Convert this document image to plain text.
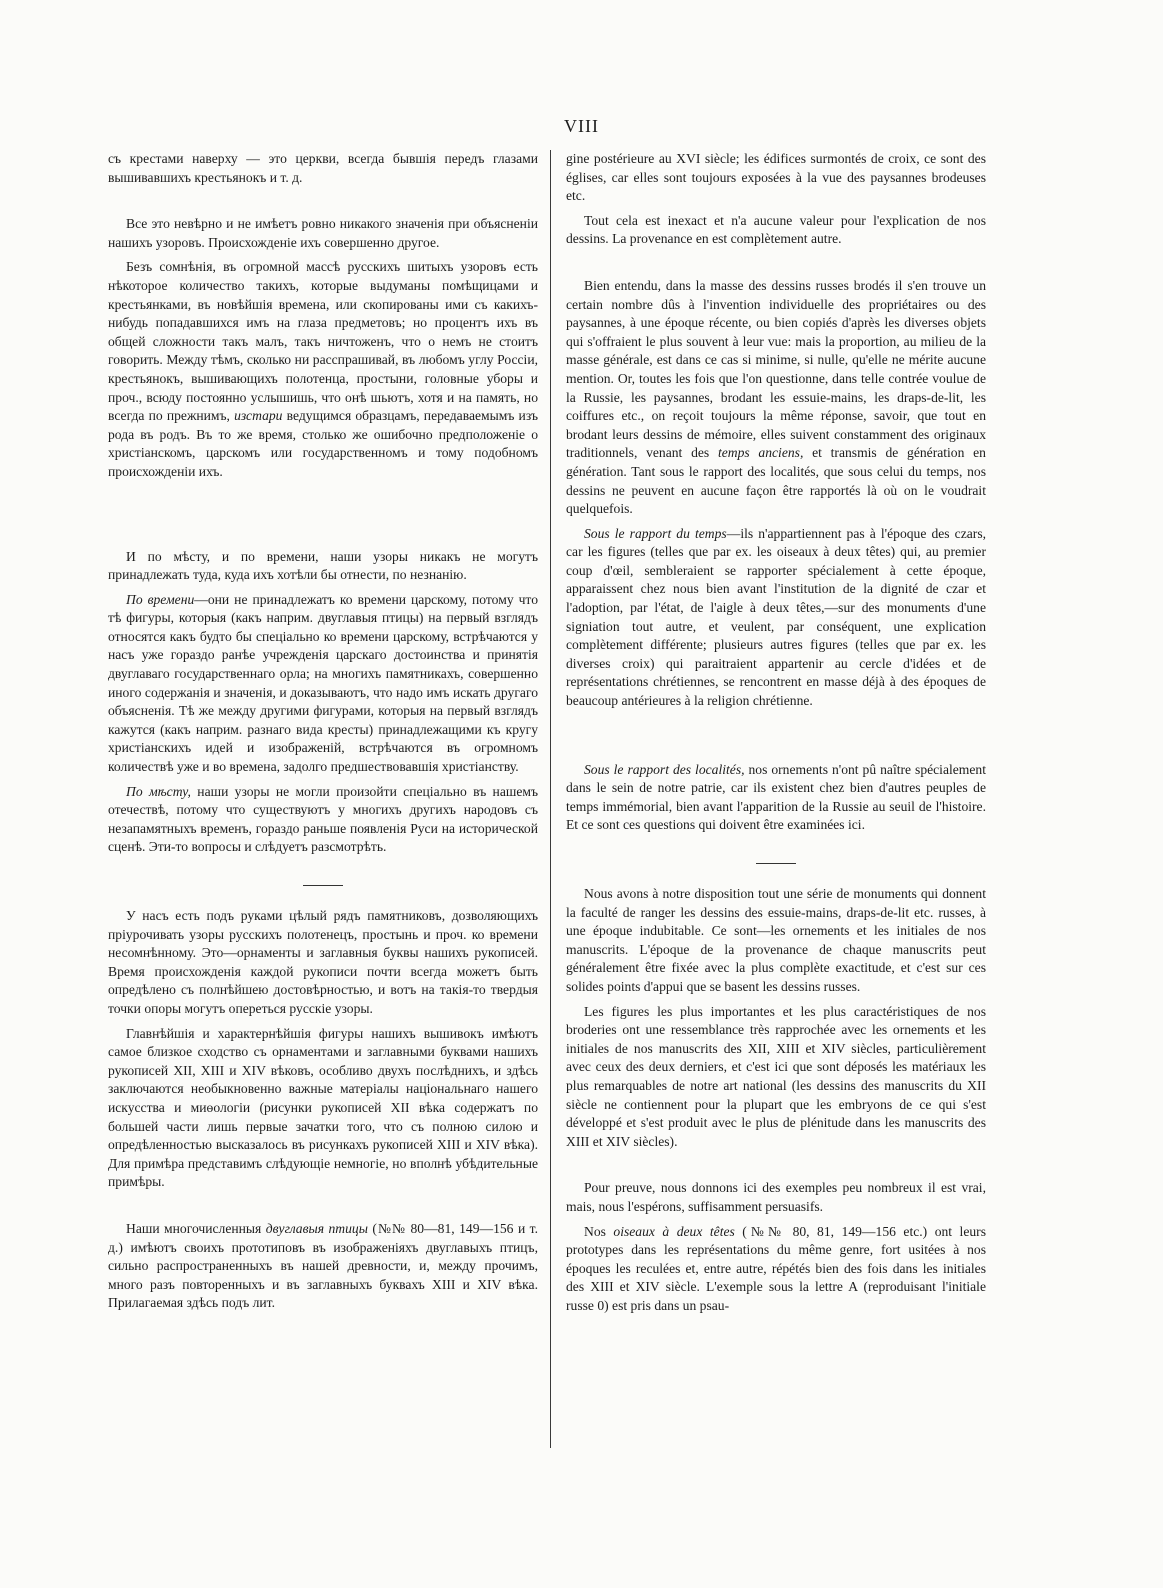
VIII

съ крестами наверху — это церкви, всегда бывшія передъ глазами вышивавшихъ крестьянокъ и т. д.

Все это невѣрно и не имѣетъ ровно никакого значенія при объясненіи нашихъ узоровъ. Происхожденіе ихъ совершенно другое.

Безъ сомнѣнія, въ огромной массѣ русскихъ шитыхъ узоровъ есть нѣкоторое количество такихъ, которые выдуманы помѣщицами и крестьянками, въ новѣйшія времена, или скопированы ими съ какихъ-нибудь попадавшихся имъ на глаза предметовъ; но процентъ ихъ въ общей сложности такъ малъ, такъ ничтоженъ, что о немъ не стоитъ говорить. Между тѣмъ, сколько ни расспрашивай, въ любомъ углу Россіи, крестьянокъ, вышивающихъ полотенца, простыни, головные уборы и проч., всюду постоянно услышишь, что онѣ шьютъ, хотя и на память, но всегда по прежнимъ, изстари ведущимся образцамъ, передаваемымъ изъ рода въ родъ. Въ то же время, столько же ошибочно предположеніе о христіанскомъ, царскомъ или государственномъ и тому подобномъ происхожденіи ихъ.

И по мѣсту, и по времени, наши узоры никакъ не могутъ принадлежать туда, куда ихъ хотѣли бы отнести, по незнанію.

По времени—они не принадлежатъ ко времени царскому, потому что тѣ фигуры, которыя (какъ наприм. двуглавыя птицы) на первый взглядъ относятся какъ будто бы спеціально ко времени царскому, встрѣчаются у насъ уже гораздо ранѣе учрежденія царскаго достоинства и принятія двуглаваго государственнаго орла; на многихъ памятникахъ, совершенно иного содержанія и значенія, и доказываютъ, что надо имъ искать другаго объясненія. Тѣ же между другими фигурами, которыя на первый взглядъ кажутся (какъ наприм. разнаго вида кресты) принадлежащими къ кругу христіанскихъ идей и изображеній, встрѣчаются въ огромномъ количествѣ уже и во времена, задолго предшествовавшія христіанству.

По мѣсту, наши узоры не могли произойти спеціально въ нашемъ отечествѣ, потому что существуютъ у многихъ другихъ народовъ съ незапамятныхъ временъ, гораздо раньше появленія Руси на исторической сценѣ. Эти-то вопросы и слѣдуетъ разсмотрѣть.

У насъ есть подъ руками цѣлый рядъ памятниковъ, дозволяющихъ пріурочивать узоры русскихъ полотенецъ, простынь и проч. ко времени несомнѣнному. Это—орнаменты и заглавныя буквы нашихъ рукописей. Время происхожденія каждой рукописи почти всегда можетъ быть опредѣлено съ полнѣйшею достовѣрностью, и вотъ на такія-то твердыя точки опоры могутъ опереться русскіе узоры.

Главнѣйшія и характернѣйшія фигуры нашихъ вышивокъ имѣютъ самое близкое сходство съ орнаментами и заглавными буквами нашихъ рукописей XII, XIII и XIV вѣковъ, особливо двухъ послѣднихъ, и здѣсь заключаются необыкновенно важные матеріалы національнаго нашего искусства и миѳологіи (рисунки рукописей XII вѣка содержатъ по большей части лишь первые зачатки того, что съ полною силою и опредѣленностью высказалось въ рисункахъ рукописей XIII и XIV вѣка). Для примѣра представимъ слѣдующіе немногіе, но вполнѣ убѣдительные примѣры.

Наши многочисленныя двуглавыя птицы (№№ 80—81, 149—156 и т. д.) имѣютъ своихъ прототиповъ въ изображеніяхъ двуглавыхъ птицъ, сильно распространенныхъ въ нашей древности, и, между прочимъ, много разъ повторенныхъ и въ заглавныхъ буквахъ XIII и XIV вѣка. Прилагаемая здѣсь подъ лит.

gine postérieure au XVI siècle; les édifices surmontés de croix, ce sont des églises, car elles sont toujours exposées à la vue des paysannes brodeuses etc.

Tout cela est inexact et n'a aucune valeur pour l'explication de nos dessins. La provenance en est complètement autre.

Bien entendu, dans la masse des dessins russes brodés il s'en trouve un certain nombre dûs à l'invention individuelle des propriétaires ou des paysannes, à une époque récente, ou bien copiés d'après les diverses objets qui s'offraient le plus souvent à leur vue: mais la proportion, au milieu de la masse générale, est dans ce cas si minime, si nulle, qu'elle ne mérite aucune mention. Or, toutes les fois que l'on questionne, dans telle contrée voulue de la Russie, les paysannes, brodant les essuie-mains, les draps-de-lit, les coiffures etc., on reçoit toujours la même réponse, savoir, que tout en brodant leurs dessins de mémoire, elles suivent constamment des originaux traditionnels, venant des temps anciens, et transmis de génération en génération. Tant sous le rapport des localités, que sous celui du temps, nos dessins ne peuvent en aucune façon être rapportés là où on le voudrait quelquefois.

Sous le rapport du temps—ils n'appartiennent pas à l'époque des czars, car les figures (telles que par ex. les oiseaux à deux têtes) qui, au premier coup d'œil, sembleraient se rapporter spécialement à cette époque, apparaissent chez nous bien avant l'institution de la dignité de czar et l'adoption, par l'état, de l'aigle à deux têtes,—sur des monuments d'une signiation tout autre, et veulent, par conséquent, une explication complètement différente; plusieurs autres figures (telles que par ex. les diverses croix) qui paraitraient appartenir au cercle d'idées et de représentations chrétiennes, se rencontrent en masse déjà à des époques de beaucoup antérieures à la religion chrétienne.

Sous le rapport des localités, nos ornements n'ont pû naître spécialement dans le sein de notre patrie, car ils existent chez bien d'autres peuples de temps immémorial, bien avant l'apparition de la Russie au seuil de l'histoire. Et ce sont ces questions qui doivent être examinées ici.

Nous avons à notre disposition tout une série de monuments qui donnent la faculté de ranger les dessins des essuie-mains, draps-de-lit etc. russes, à une époque indubitable. Ce sont—les ornements et les initiales de nos manuscrits. L'époque de la provenance de chaque manuscrits peut généralement être fixée avec la plus complète exactitude, et c'est sur ces solides points d'appui que se basent les dessins russes.

Les figures les plus importantes et les plus caractéristiques de nos broderies ont une ressemblance très rapprochée avec les ornements et les initiales de nos manuscrits des XII, XIII et XIV siècles, particulièrement avec ceux des deux derniers, et c'est ici que sont déposés les matériaux les plus remarquables de notre art national (les dessins des manuscrits du XII siècle ne contiennent pour la plupart que les embryons de ce qui s'est développé et s'est produit avec le plus de plénitude dans les manuscrits des XIII et XIV siècles).

Pour preuve, nous donnons ici des exemples peu nombreux il est vrai, mais, nous l'espérons, suffisamment persuasifs.

Nos oiseaux à deux têtes (№№ 80, 81, 149—156 etc.) ont leurs prototypes dans les représentations du même genre, fort usitées à nos époques les reculées et, entre autre, répétés bien des fois dans les initiales des XIII et XIV siècle. L'exemple sous la lettre A (reproduisant l'initiale russe 0) est pris dans un psau-
